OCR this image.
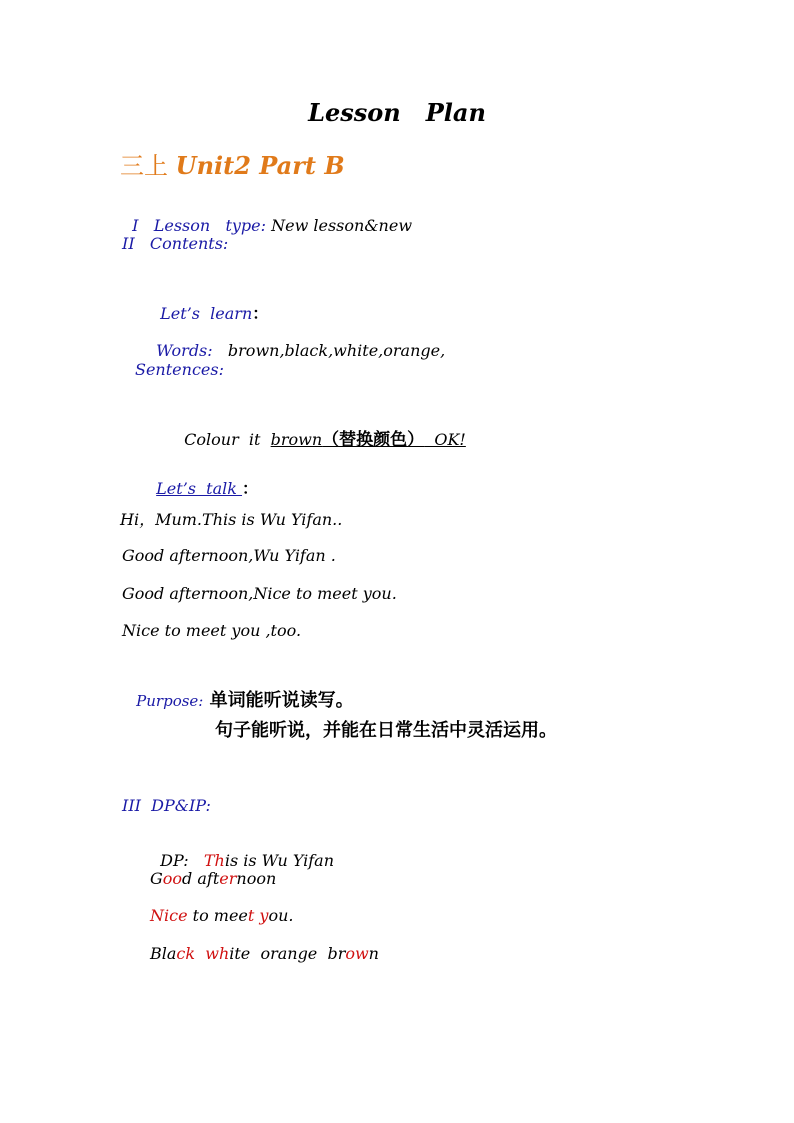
Lesson   Plan
三上 Unit2 Part B

I   Lesson   type: New lesson&new

II   Contents:

Let’s  learn：

Words:   brown,black,white,orange,

Sentences:

Colour  it  brown（替换颜色）  OK!

Let’s  talk ：

Hi，Mum.This is Wu Yifan..
Good afternoon,Wu Yifan .
Good afternoon,Nice to meet you.
Nice to meet you ,too.

Purpose: 单词能听说读写。

句子能听说，并能在日常生活中灵活运用。
III  DP&IP:

DP:   This is Wu Yifan

Good afternoon
Nice to meet you.
Black white  orange  brown
